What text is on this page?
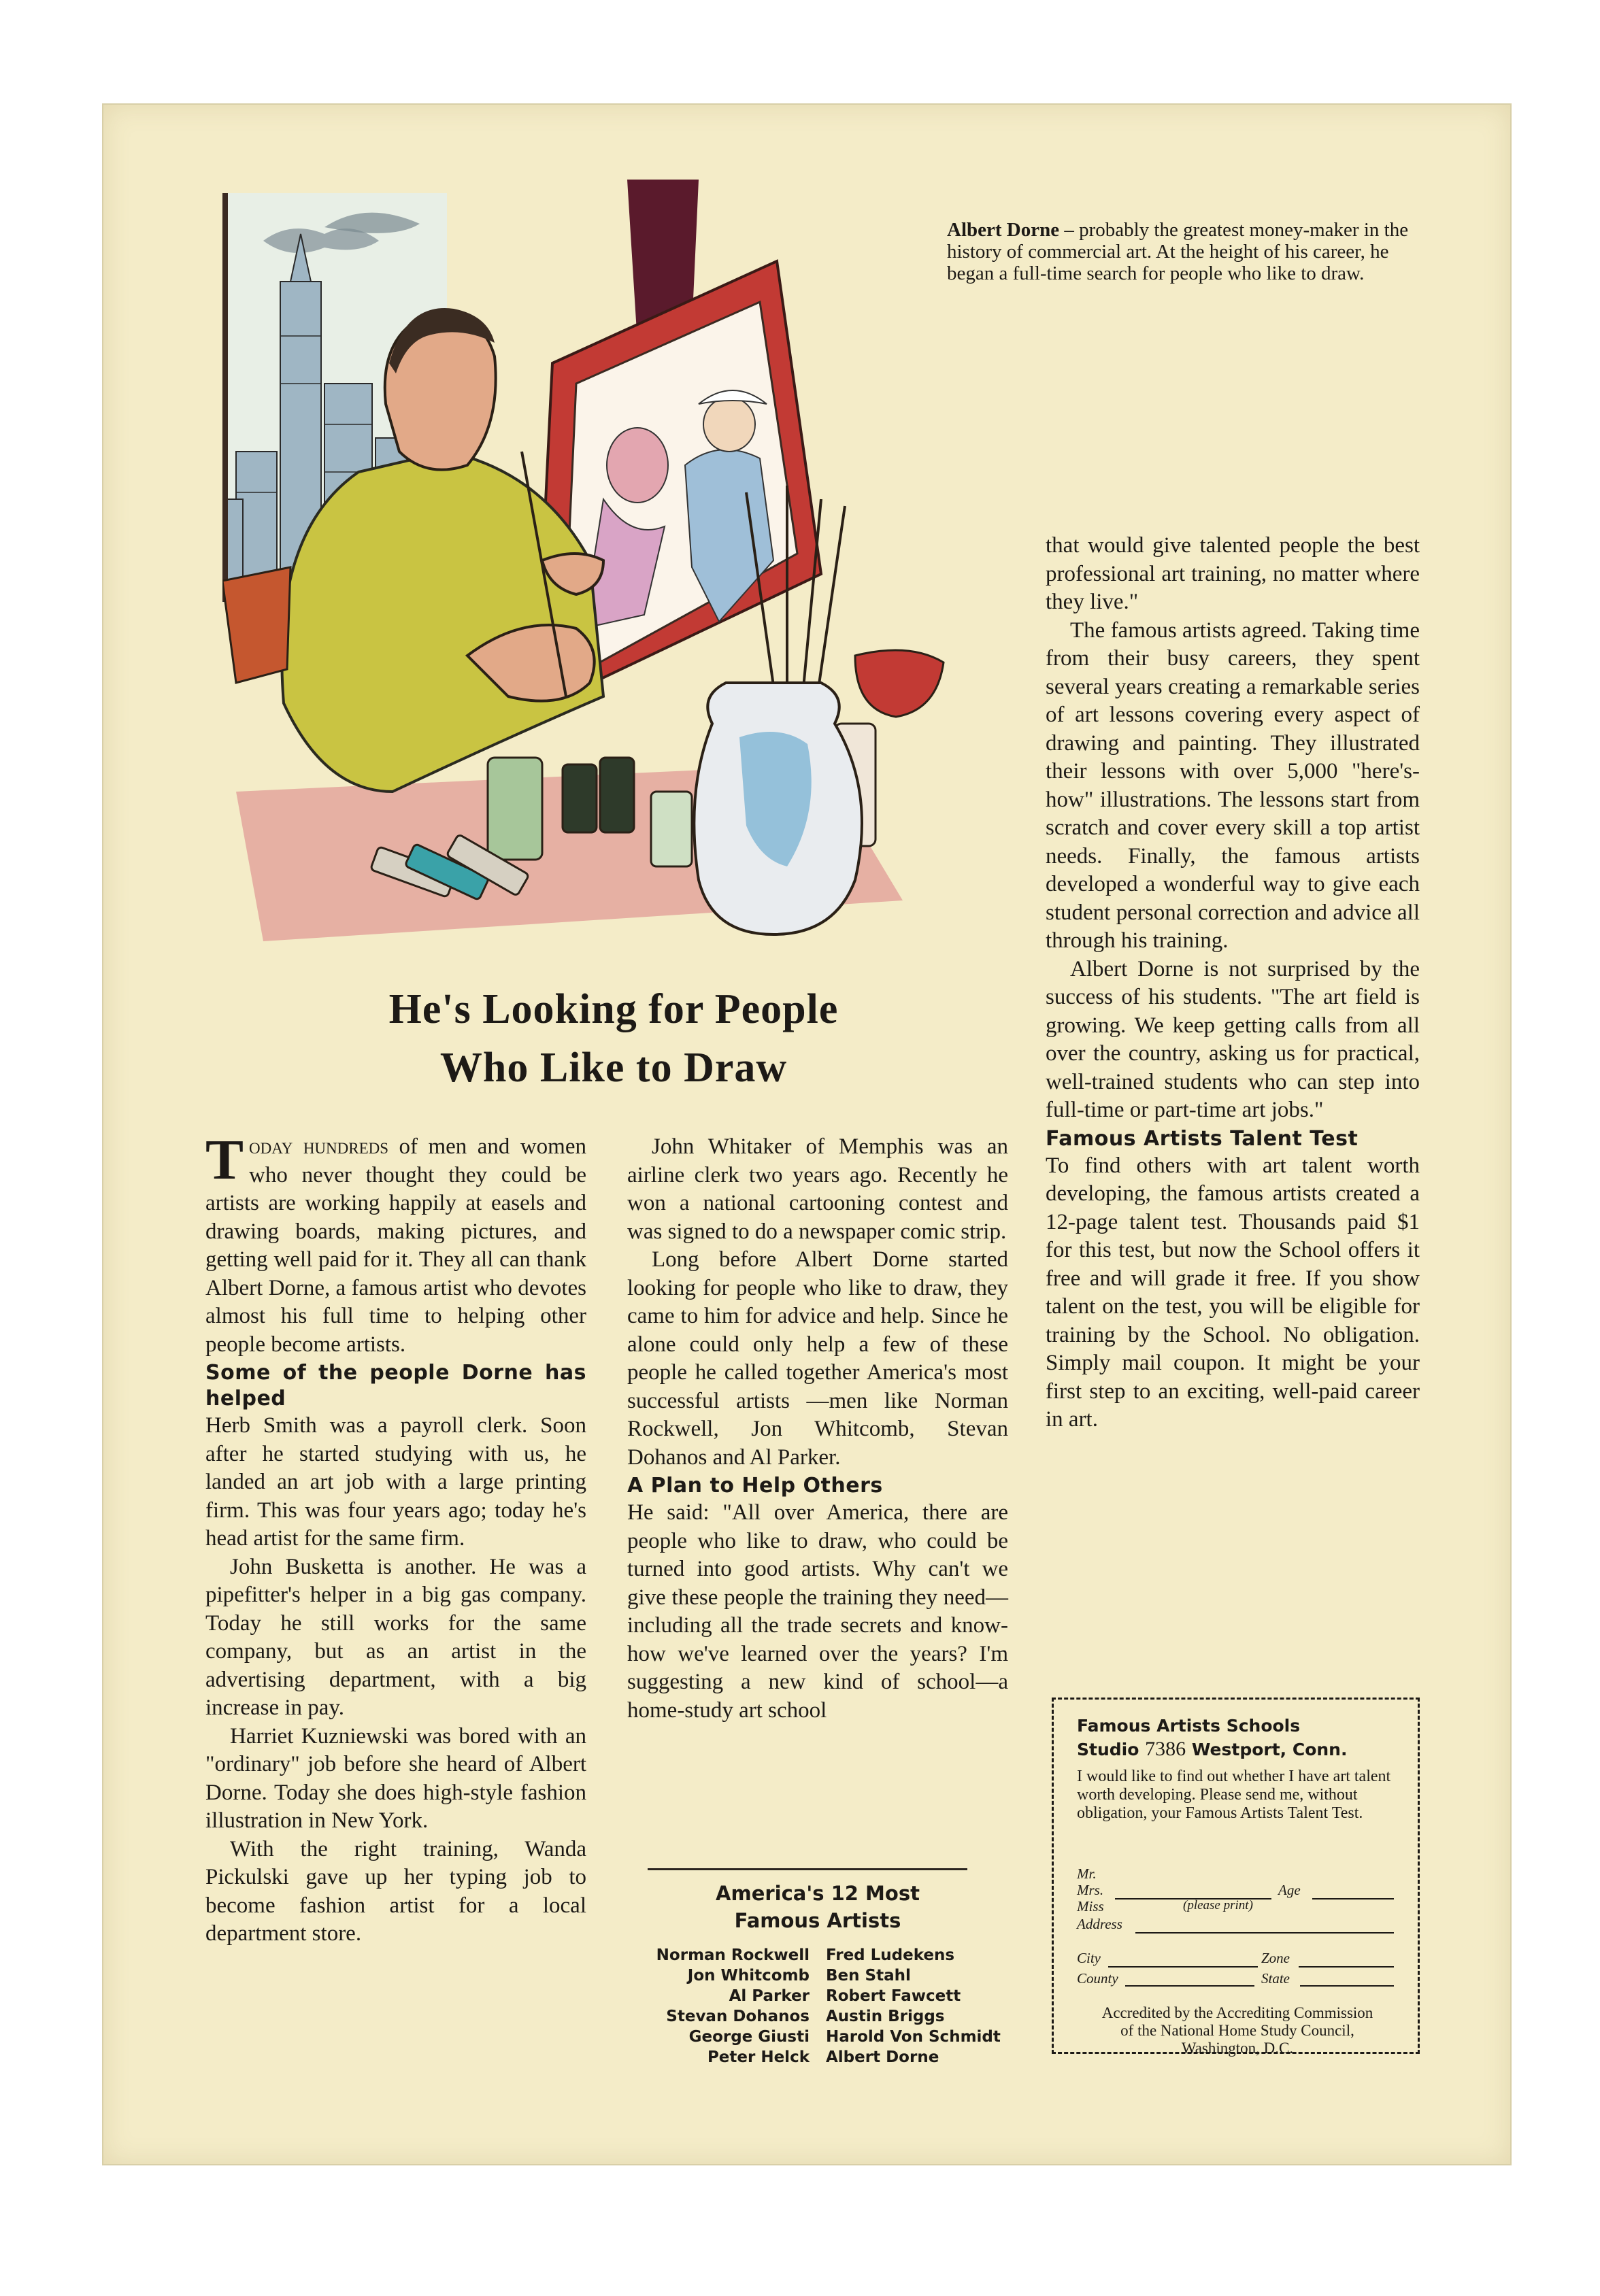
Albert Dorne – probably the greatest money-maker in the history of commercial art. At the height of his career, he began a full-time search for people who like to draw.
He's Looking for People
Who Like to Draw

Today hundreds of men and women who never thought they could be artists are working happily at easels and drawing boards, making pictures, and getting well paid for it. They all can thank Albert Dorne, a famous artist who devotes almost his full time to helping other people become artists.

Some of the people Dorne has helped

Herb Smith was a payroll clerk. Soon after he started studying with us, he landed an art job with a large printing firm. This was four years ago; today he's head artist for the same firm.

John Busketta is another. He was a pipefitter's helper in a big gas company. Today he still works for the same company, but as an artist in the advertising department, with a big increase in pay.

Harriet Kuzniewski was bored with an "ordinary" job before she heard of Albert Dorne. Today she does high-style fashion illustration in New York.

With the right training, Wanda Pickulski gave up her typing job to become fashion artist for a local department store.

John Whitaker of Memphis was an airline clerk two years ago. Recently he won a national cartooning contest and was signed to do a newspaper comic strip.

Long before Albert Dorne started looking for people who like to draw, they came to him for advice and help. Since he alone could only help a few of these people he called together America's most successful artists —men like Norman Rockwell, Jon Whitcomb, Stevan Dohanos and Al Parker.

A Plan to Help Others

He said: "All over America, there are people who like to draw, who could be turned into good artists. Why can't we give these people the training they need—including all the trade secrets and know-how we've learned over the years? I'm suggesting a new kind of school—a home-study art school

America's 12 Most
Famous Artists
Norman Rockwell	Fred Ludekens
Jon Whitcomb	Ben Stahl
Al Parker	Robert Fawcett
Stevan Dohanos	Austin Briggs
George Giusti	Harold Von Schmidt
Peter Helck	Albert Dorne

that would give talented people the best professional art training, no matter where they live."

The famous artists agreed. Taking time from their busy careers, they spent several years creating a remarkable series of art lessons covering every aspect of drawing and painting. They illustrated their lessons with over 5,000 "here's-how" illustrations. The lessons start from scratch and cover every skill a top artist needs. Finally, the famous artists developed a wonderful way to give each student personal correction and advice all through his training.

Albert Dorne is not surprised by the success of his students. "The art field is growing. We keep getting calls from all over the country, asking us for practical, well-trained students who can step into full-time or part-time art jobs."

Famous Artists Talent Test

To find others with art talent worth developing, the famous artists created a 12-page talent test. Thousands paid $1 for this test, but now the School offers it free and will grade it free. If you show talent on the test, you will be eligible for training by the School. No obligation. Simply mail coupon. It might be your first step to an exciting, well-paid career in art.

Famous Artists Schools
Studio 7386 Westport, Conn.
I would like to find out whether I have art talent worth developing. Please send me, without obligation, your Famous Artists Talent Test.
Mr.
Mrs.	Age
Miss	(please print)
Address
City	Zone
County	State
Accredited by the Accrediting Commission of the National Home Study Council, Washington, D.C.
